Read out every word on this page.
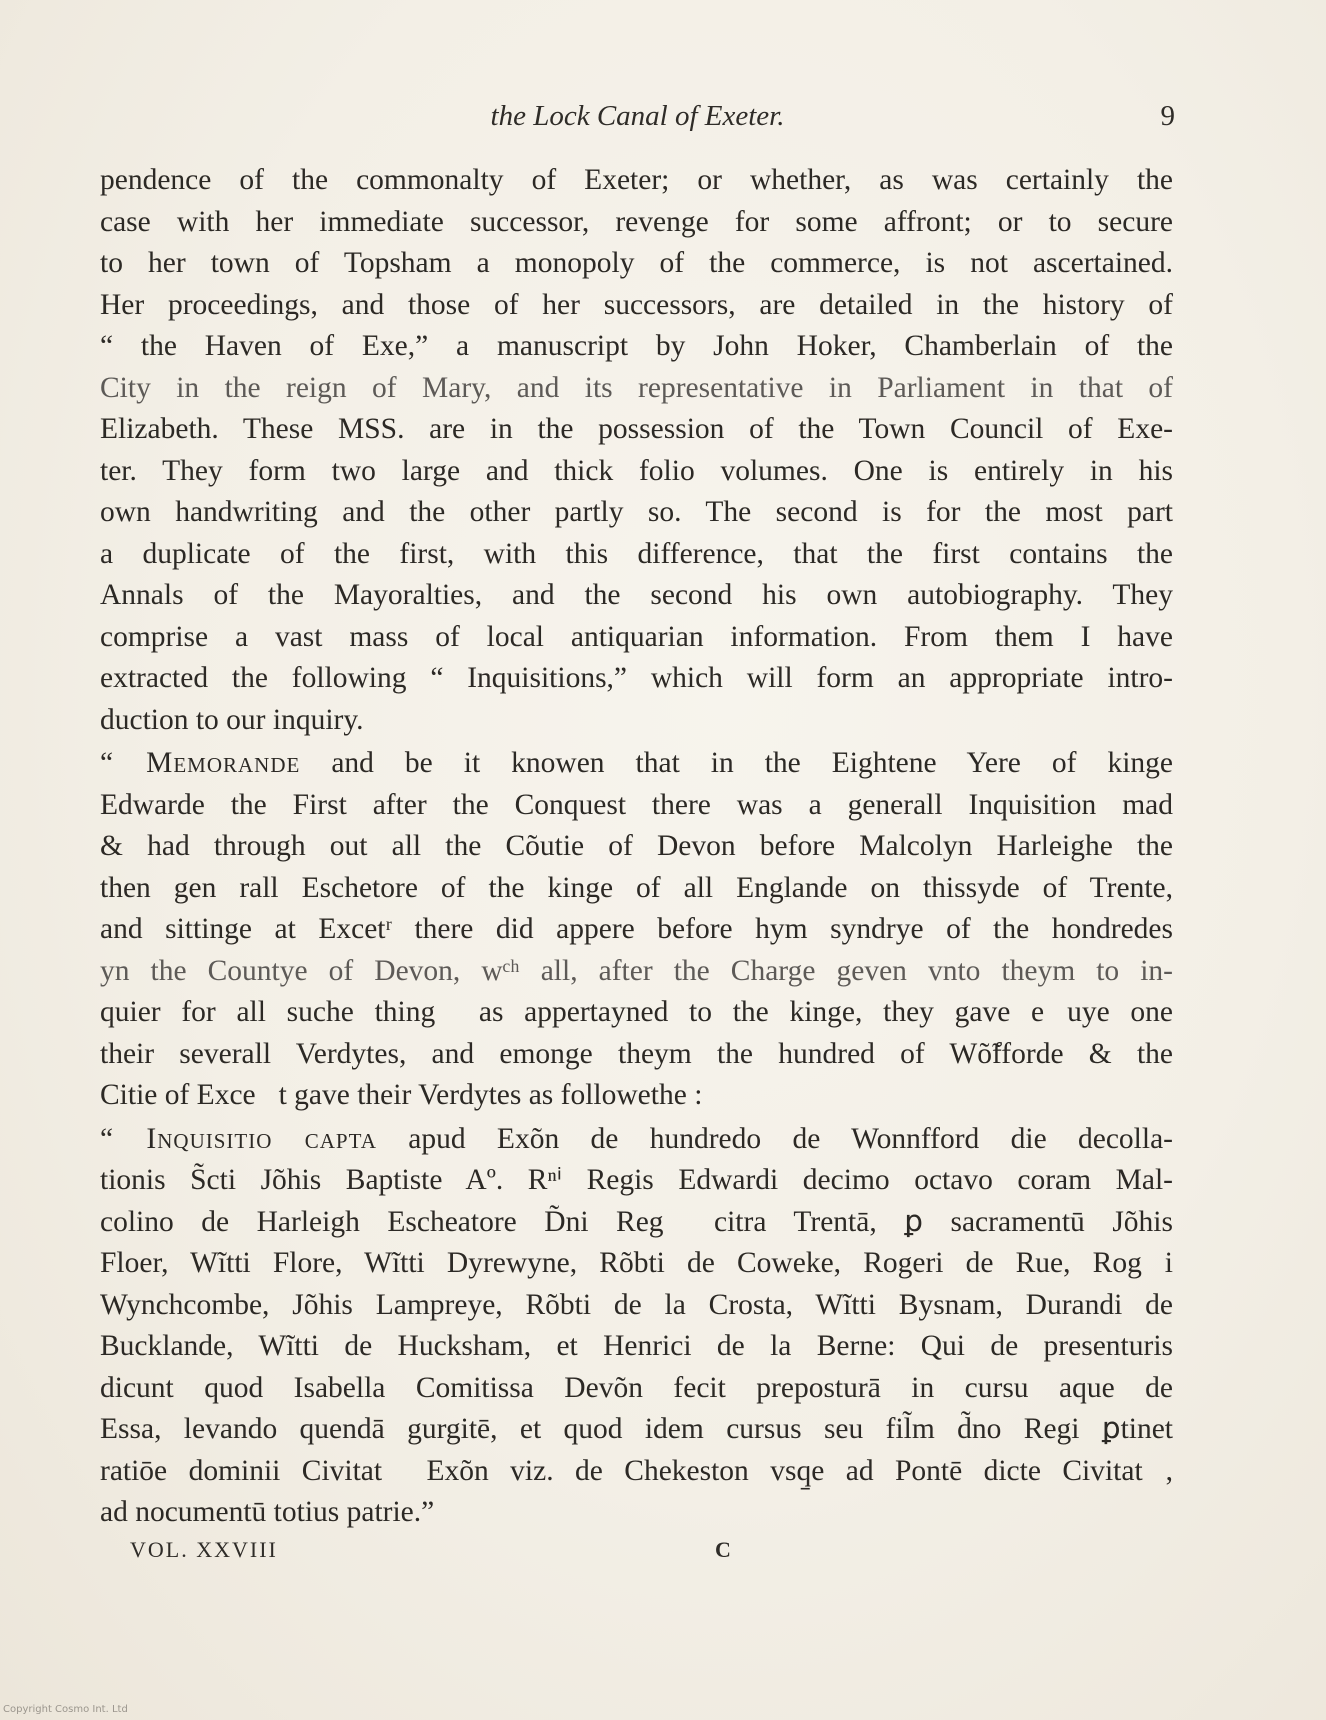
the Lock Canal of Exeter.	9
pendence of the commonalty of Exeter; or whether, as was certainly the
case with her immediate successor, revenge for some affront; or to secure
to her town of Topsham a monopoly of the commerce, is not ascertained.
Her proceedings, and those of her successors, are detailed in the history of
“ the Haven of Exe,” a manuscript by John Hoker, Chamberlain of the
City in the reign of Mary, and its representative in Parliament in that of
Elizabeth. These MSS. are in the possession of the Town Council of Exe-
ter. They form two large and thick folio volumes. One is entirely in his
own handwriting and the other partly so. The second is for the most part
a duplicate of the first, with this difference, that the first contains the
Annals of the Mayoralties, and the second his own autobiography. They
comprise a vast mass of local antiquarian information. From them I have
extracted the following “ Inquisitions,” which will form an appropriate intro-
duction to our inquiry.
“ Memorande and be it knowen that in the Eightene Yere of kinge
Edwarde the First after the Conquest there was a generall Inquisition mad
& had through out all the Cõutie of Devon before Malcolyn Harleighe the
then gen᷑rall Eschetore of the kinge of all Englande on thissyde of Trente,
and sittinge at Excetʳ there did appere before hym syndrye of the hondredes
yn the Countye of Devon, wᶜʰ all, after the Charge geven vnto theym to in-
quier for all suche thing᷒ as appertayned to the kinge, they gave e᷑uye one
their severall Verdytes, and emonge theym the hundred of Wõ̃fforde & the
Citie of Exce᷑t gave their Verdytes as followethe :
“ Inquisitio capta apud Exõn de hundredo de Wonnfford die decolla-
tionis S̃cti Jõhis Baptiste Aº. Rⁿⁱ Regis Edwardi decimo octavo coram Mal-
colino de Harleigh Escheatore D̃ni Reg᷒ citra Trentā, ꝑ sacramentū Jõhis
Floer, Wĩtti Flore, Wĩtti Dyrewyne, Rõbti de Coweke, Rogeri de Rue, Rog᷑i
Wynchcombe, Jõhis Lampreye, Rõbti de la Crosta, Wĩtti Bysnam, Durandi de
Bucklande, Wĩtti de Hucksham, et Henrici de la Berne: Qui de presenturis
dicunt quod Isabella Comitissa Devõn fecit preposturā in cursu aque de
Essa, levando quendā gurgitē, et quod idem cursus seu fil̃m d̃no Regi ꝑtinet
ratiōe dominii Civitat᷒ Exõn viz. de Chekeston vsq̱e ad Pontē dicte Civitat᷒,
ad nocumentū totius patrie.”
VOL. XXVIII	C
Copyright Cosmo Int. Ltd
